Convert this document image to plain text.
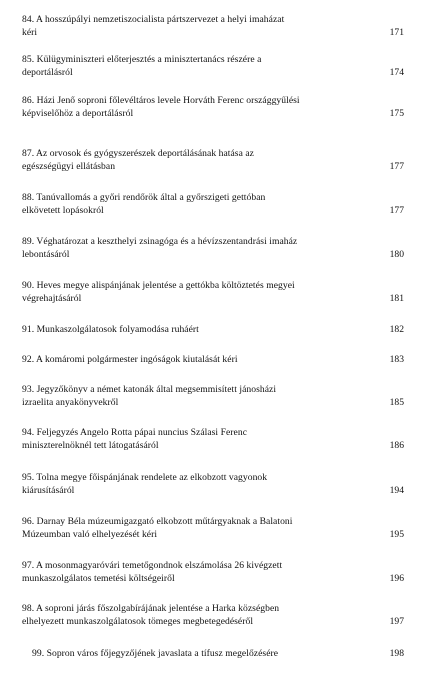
84. A hosszúpályi nemzetiszocialista pártszervezet a helyi imaházat
kéri	171
85. Külügyminiszteri előterjesztés a minisztertanács részére a
deportálásról	174
86. Házi Jenő soproni főlevéltáros levele Horváth Ferenc országgyűlési
képviselőhöz a deportálásról	175
87. Az orvosok és gyógyszerészek deportálásának hatása az
egészségügyi ellátásban	177
88. Tanúvallomás a győri rendőrök által a győrszigeti gettóban
elkövetett lopásokról	177
89. Véghatározat a keszthelyi zsinagóga és a hévízszentandrási imaház
lebontásáról	180
90. Heves megye alispánjának jelentése a gettókba költöztetés megyei
végrehajtásáról	181
91. Munkaszolgálatosok folyamodása ruháért	182
92. A komáromi polgármester ingóságok kiutalását kéri	183
93. Jegyzőkönyv a német katonák által megsemmisített jánosházi
izraelita anyakönyvekről	185
94. Feljegyzés Angelo Rotta pápai nuncius Szálasi Ferenc
miniszterelnöknél tett látogatásáról	186
95. Tolna megye főispánjának rendelete az elkobzott vagyonok
kiárusításáról	194
96. Darnay Béla múzeumigazgató elkobzott műtárgyaknak a Balatoni
Múzeumban való elhelyezését kéri	195
97. A mosonmagyaróvári temetőgondnok elszámolása 26 kivégzett
munkaszolgálatos temetési költségeiről	196
98. A soproni járás főszolgabírájának jelentése a Harka községben
elhelyezett munkaszolgálatosok tömeges megbetegedéséről	197
99. Sopron város főjegyzőjének javaslata a tífusz megelőzésére	198
